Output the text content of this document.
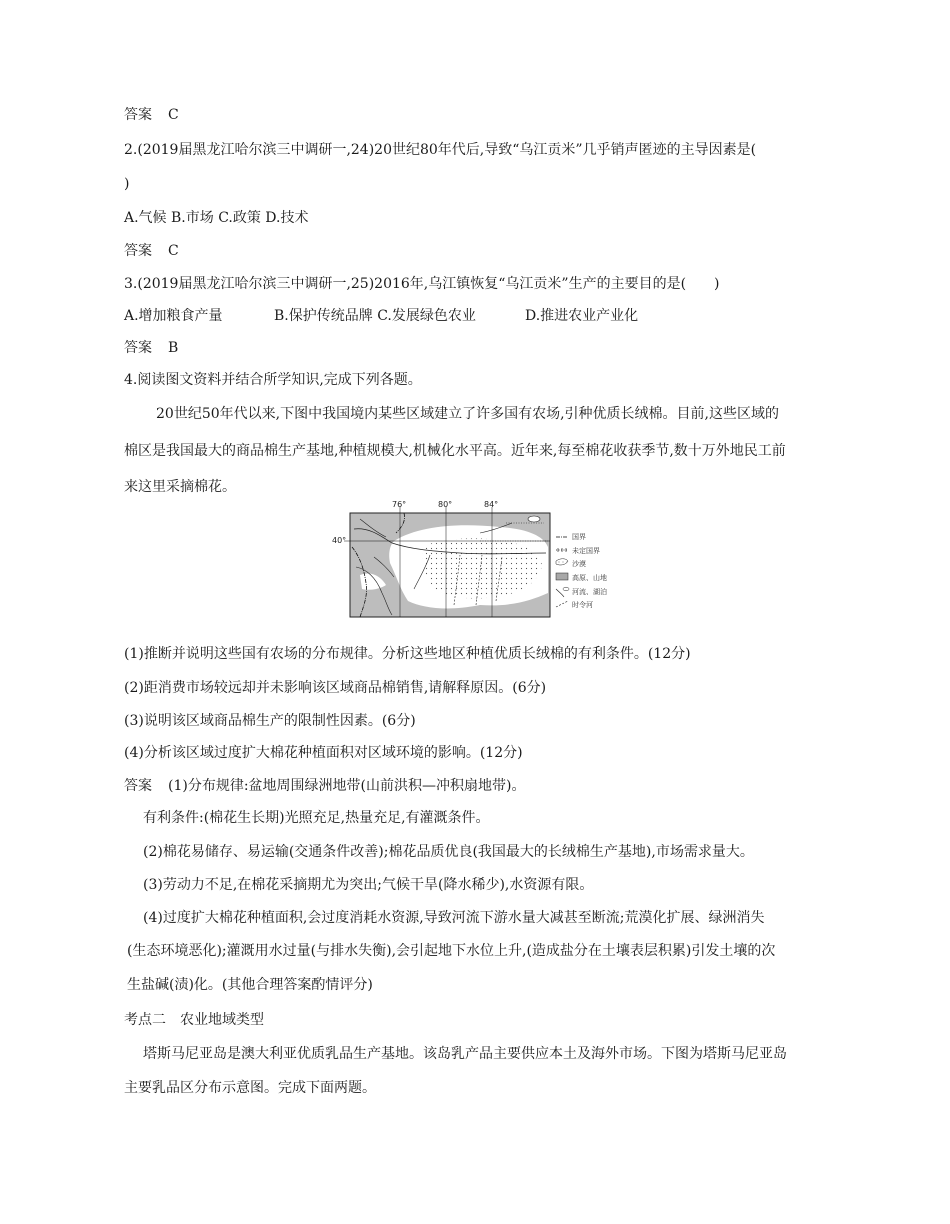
答案 C
2.(2019届黑龙江哈尔滨三中调研一,24)20世纪80年代后,导致“乌江贡米”几乎销声匿迹的主导因素是(
)
A.气候 B.市场 C.政策 D.技术
答案 C
3.(2019届黑龙江哈尔滨三中调研一,25)2016年,乌江镇恢复“乌江贡米”生产的主要目的是(　　)
A.增加粮食产量	B.保护传统品牌 C.发展绿色农业	D.推进农业产业化
答案 B
4.阅读图文资料并结合所学知识,完成下列各题。
20世纪50年代以来,下图中我国境内某些区域建立了许多国有农场,引种优质长绒棉。目前,这些区域的
棉区是我国最大的商品棉生产基地,种植规模大,机械化水平高。近年来,每至棉花收获季节,数十万外地民工前
来这里采摘棉花。
76°	80°	84°
40°	国界
未定国界
沙漠
高原、山地
河流、湖泊
时令河
(1)推断并说明这些国有农场的分布规律。分析这些地区种植优质长绒棉的有利条件。(12分)
(2)距消费市场较远却并未影响该区域商品棉销售,请解释原因。(6分)
(3)说明该区域商品棉生产的限制性因素。(6分)
(4)分析该区域过度扩大棉花种植面积对区域环境的影响。(12分)
答案 (1)分布规律:盆地周围绿洲地带(山前洪积—冲积扇地带)。
有利条件:(棉花生长期)光照充足,热量充足,有灌溉条件。
(2)棉花易储存、易运输(交通条件改善);棉花品质优良(我国最大的长绒棉生产基地),市场需求量大。
(3)劳动力不足,在棉花采摘期尤为突出;气候干旱(降水稀少),水资源有限。
(4)过度扩大棉花种植面积,会过度消耗水资源,导致河流下游水量大减甚至断流;荒漠化扩展、绿洲消失
(生态环境恶化);灌溉用水过量(与排水失衡),会引起地下水位上升,(造成盐分在土壤表层积累)引发土壤的次
生盐碱(渍)化。(其他合理答案酌情评分)
考点二　农业地域类型
塔斯马尼亚岛是澳大利亚优质乳品生产基地。该岛乳产品主要供应本土及海外市场。下图为塔斯马尼亚岛
主要乳品区分布示意图。完成下面两题。
